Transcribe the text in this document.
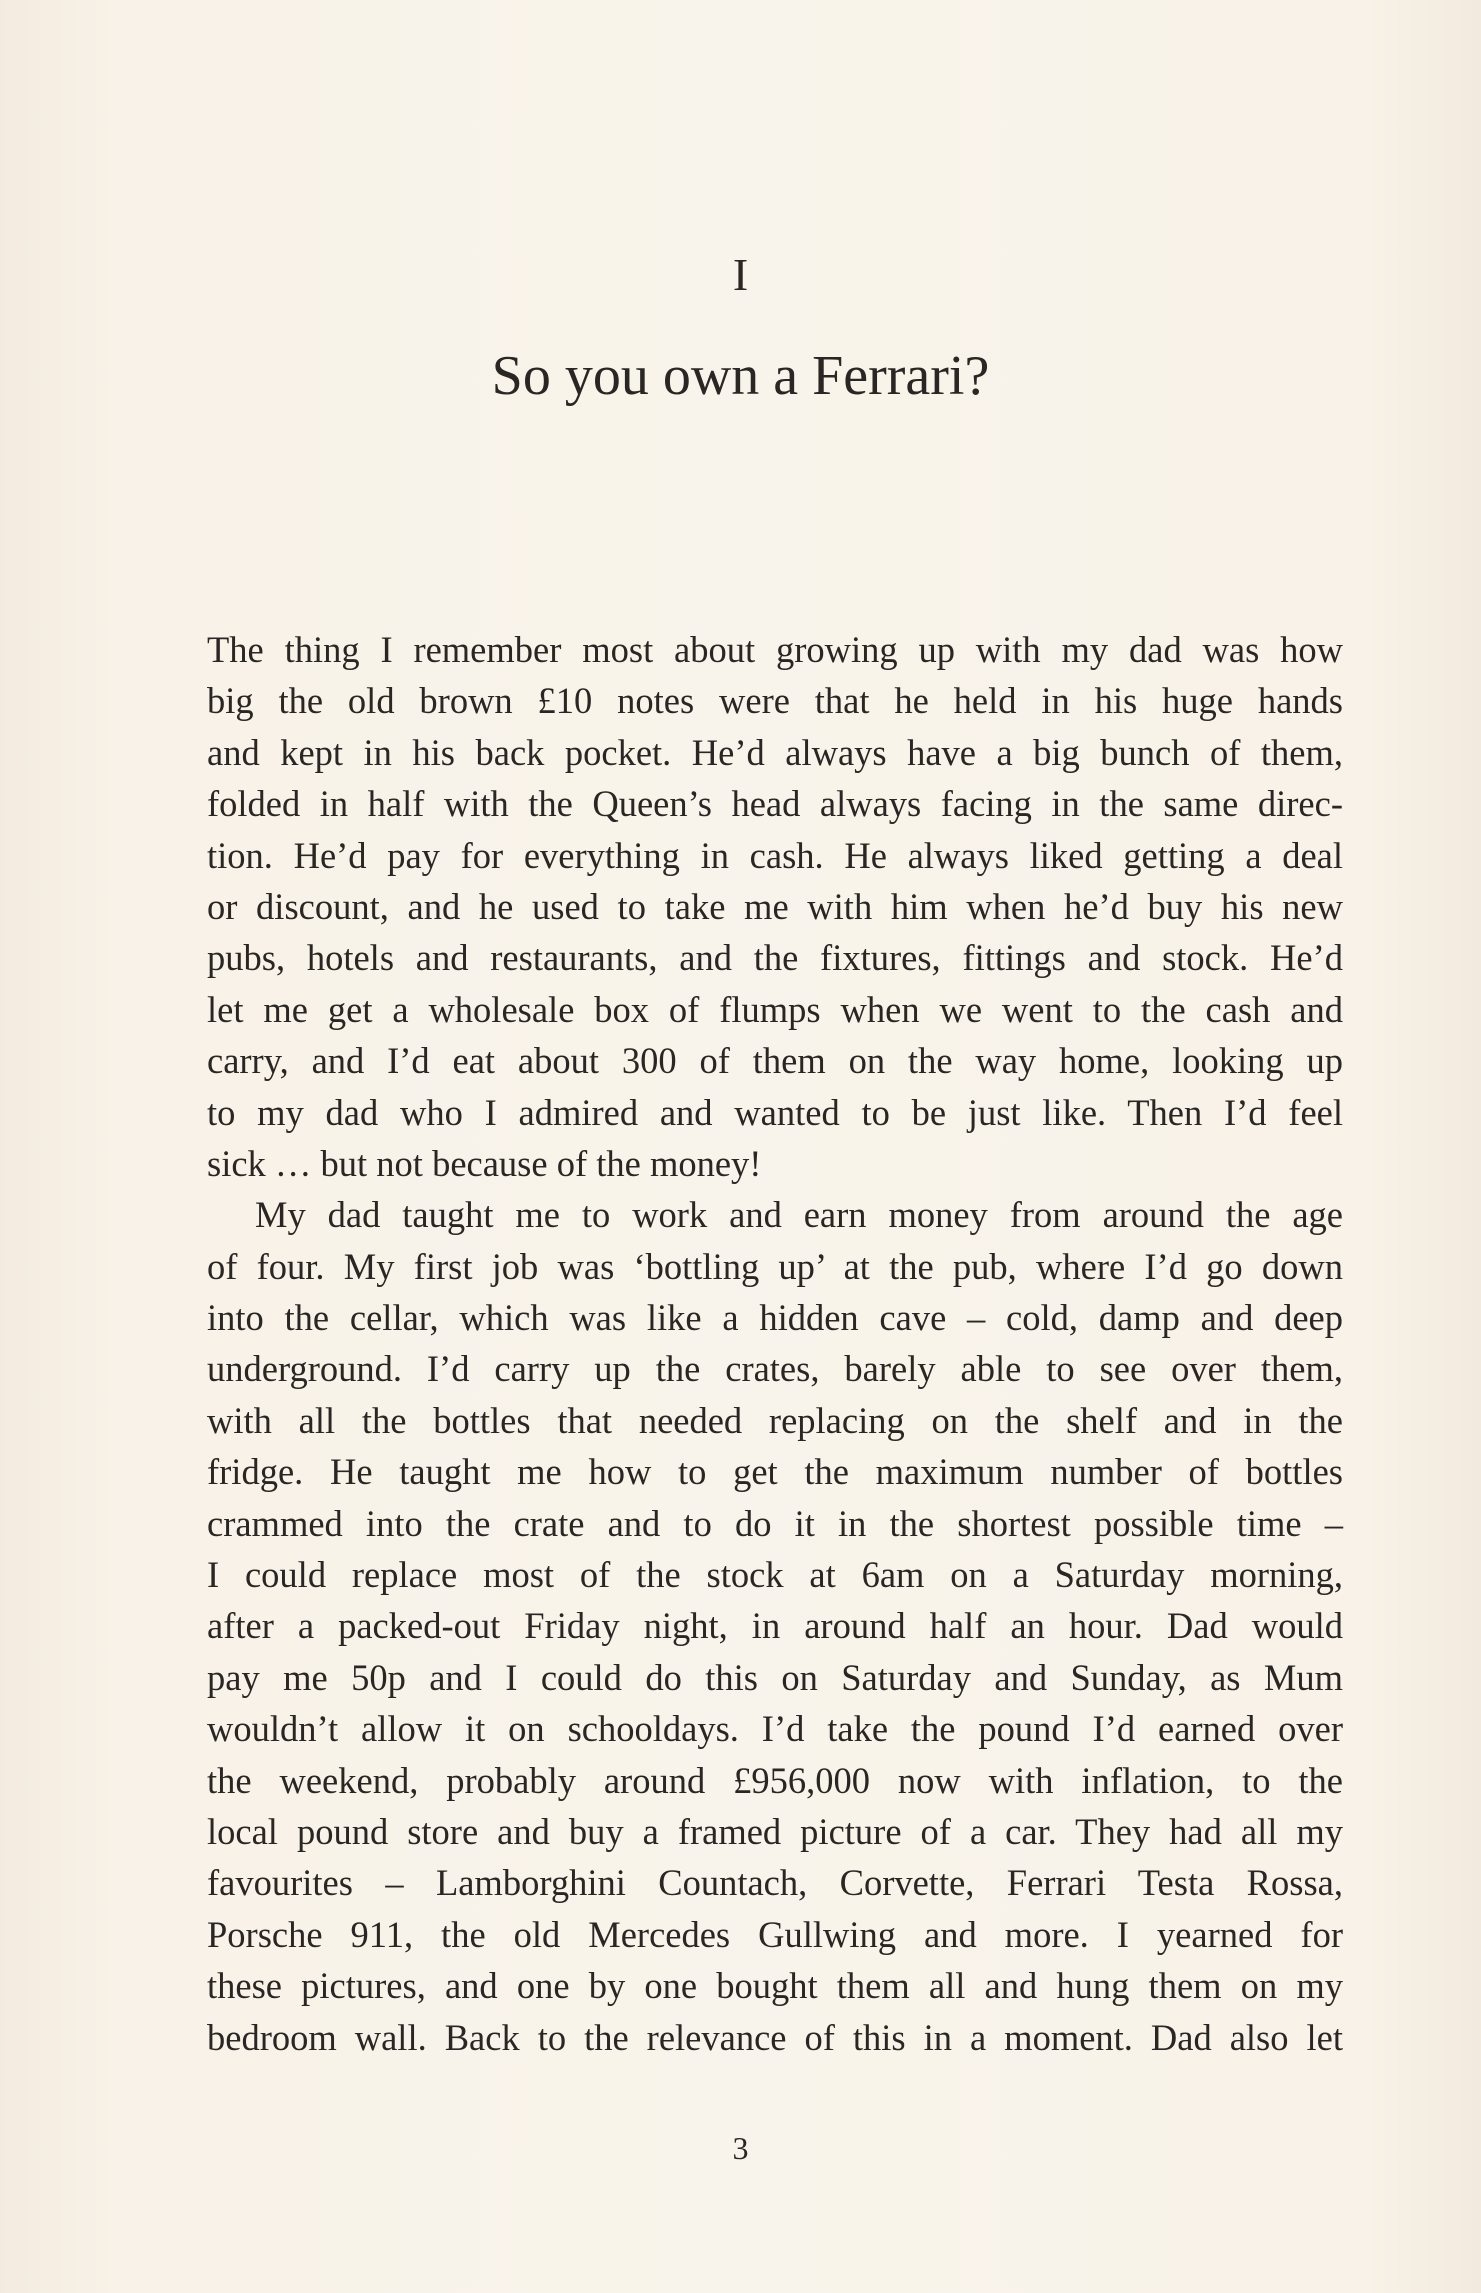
I
So you own a Ferrari?
The thing I remember most about growing up with my dad was how
big the old brown £10 notes were that he held in his huge hands
and kept in his back pocket. He’d always have a big bunch of them,
folded in half with the Queen’s head always facing in the same direc-
tion. He’d pay for everything in cash. He always liked getting a deal
or discount, and he used to take me with him when he’d buy his new
pubs, hotels and restaurants, and the fixtures, fittings and stock. He’d
let me get a wholesale box of flumps when we went to the cash and
carry, and I’d eat about 300 of them on the way home, looking up
to my dad who I admired and wanted to be just like. Then I’d feel
sick … but not because of the money!
My dad taught me to work and earn money from around the age
of four. My first job was ‘bottling up’ at the pub, where I’d go down
into the cellar, which was like a hidden cave – cold, damp and deep
underground. I’d carry up the crates, barely able to see over them,
with all the bottles that needed replacing on the shelf and in the
fridge. He taught me how to get the maximum number of bottles
crammed into the crate and to do it in the shortest possible time –
I could replace most of the stock at 6am on a Saturday morning,
after a packed-out Friday night, in around half an hour. Dad would
pay me 50p and I could do this on Saturday and Sunday, as Mum
wouldn’t allow it on schooldays. I’d take the pound I’d earned over
the weekend, probably around £956,000 now with inflation, to the
local pound store and buy a framed picture of a car. They had all my
favourites – Lamborghini Countach, Corvette, Ferrari Testa Rossa,
Porsche 911, the old Mercedes Gullwing and more. I yearned for
these pictures, and one by one bought them all and hung them on my
bedroom wall. Back to the relevance of this in a moment. Dad also let
3
